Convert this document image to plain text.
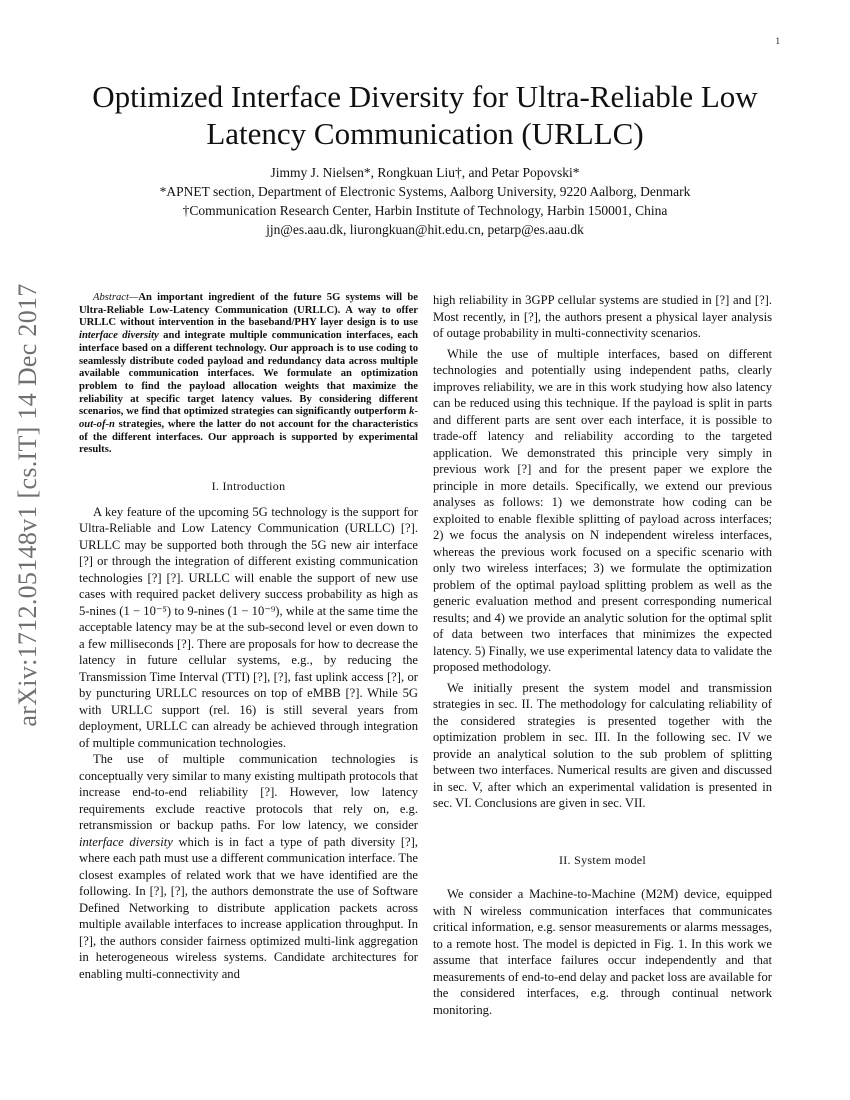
1
arXiv:1712.05148v1 [cs.IT] 14 Dec 2017
Optimized Interface Diversity for Ultra-Reliable Low Latency Communication (URLLC)
Jimmy J. Nielsen*, Rongkuan Liu†, and Petar Popovski*
*APNET section, Department of Electronic Systems, Aalborg University, 9220 Aalborg, Denmark
†Communication Research Center, Harbin Institute of Technology, Harbin 150001, China
jjn@es.aau.dk, liurongkuan@hit.edu.cn, petarp@es.aau.dk

Abstract—An important ingredient of the future 5G systems will be Ultra-Reliable Low-Latency Communication (URLLC). A way to offer URLLC without intervention in the baseband/PHY layer design is to use interface diversity and integrate multiple communication interfaces, each interface based on a different technology. Our approach is to use coding to seamlessly distribute coded payload and redundancy data across multiple available communication interfaces. We formulate an optimization problem to find the payload allocation weights that maximize the reliability at specific target latency values. By considering different scenarios, we find that optimized strategies can significantly outperform k-out-of-n strategies, where the latter do not account for the characteristics of the different interfaces. Our approach is supported by experimental results.

I. Introduction

A key feature of the upcoming 5G technology is the support for Ultra-Reliable and Low Latency Communication (URLLC) [?]. URLLC may be supported both through the 5G new air interface [?] or through the integration of different existing communication technologies [?] [?]. URLLC will enable the support of new use cases with required packet delivery success probability as high as 5-nines (1 − 10⁻⁵) to 9-nines (1 − 10⁻⁹), while at the same time the acceptable latency may be at the sub-second level or even down to a few milliseconds [?]. There are proposals for how to decrease the latency in future cellular systems, e.g., by reducing the Transmission Time Interval (TTI) [?], [?], fast uplink access [?], or by puncturing URLLC resources on top of eMBB [?]. While 5G with URLLC support (rel. 16) is still several years from deployment, URLLC can already be achieved through integration of multiple communication technologies.

The use of multiple communication technologies is conceptually very similar to many existing multipath protocols that increase end-to-end reliability [?]. However, low latency requirements exclude reactive protocols that rely on, e.g. retransmission or backup paths. For low latency, we consider interface diversity which is in fact a type of path diversity [?], where each path must use a different communication interface. The closest examples of related work that we have identified are the following. In [?], [?], the authors demonstrate the use of Software Defined Networking to distribute application packets across multiple available interfaces to increase application throughput. In [?], the authors consider fairness optimized multi-link aggregation in heterogeneous wireless systems. Candidate architectures for enabling multi-connectivity and

high reliability in 3GPP cellular systems are studied in [?] and [?]. Most recently, in [?], the authors present a physical layer analysis of outage probability in multi-connectivity scenarios.

While the use of multiple interfaces, based on different technologies and potentially using independent paths, clearly improves reliability, we are in this work studying how also latency can be reduced using this technique. If the payload is split in parts and different parts are sent over each interface, it is possible to trade-off latency and reliability according to the targeted application. We demonstrated this principle very simply in previous work [?] and for the present paper we explore the principle in more details. Specifically, we extend our previous analyses as follows: 1) we demonstrate how coding can be exploited to enable flexible splitting of payload across interfaces; 2) we focus the analysis on N independent wireless interfaces, whereas the previous work focused on a specific scenario with only two wireless interfaces; 3) we formulate the optimization problem of the optimal payload splitting problem as well as the generic evaluation method and present corresponding numerical results; and 4) we provide an analytic solution for the optimal split of data between two interfaces that minimizes the expected latency. 5) Finally, we use experimental latency data to validate the proposed methodology.

We initially present the system model and transmission strategies in sec. II. The methodology for calculating reliability of the considered strategies is presented together with the optimization problem in sec. III. In the following sec. IV we provide an analytical solution to the sub problem of splitting between two interfaces. Numerical results are given and discussed in sec. V, after which an experimental validation is presented in sec. VI. Conclusions are given in sec. VII.

II. System model

We consider a Machine-to-Machine (M2M) device, equipped with N wireless communication interfaces that communicates critical information, e.g. sensor measurements or alarms messages, to a remote host. The model is depicted in Fig. 1. In this work we assume that interface failures occur independently and that measurements of end-to-end delay and packet loss are available for the considered interfaces, e.g. through continual network monitoring.
